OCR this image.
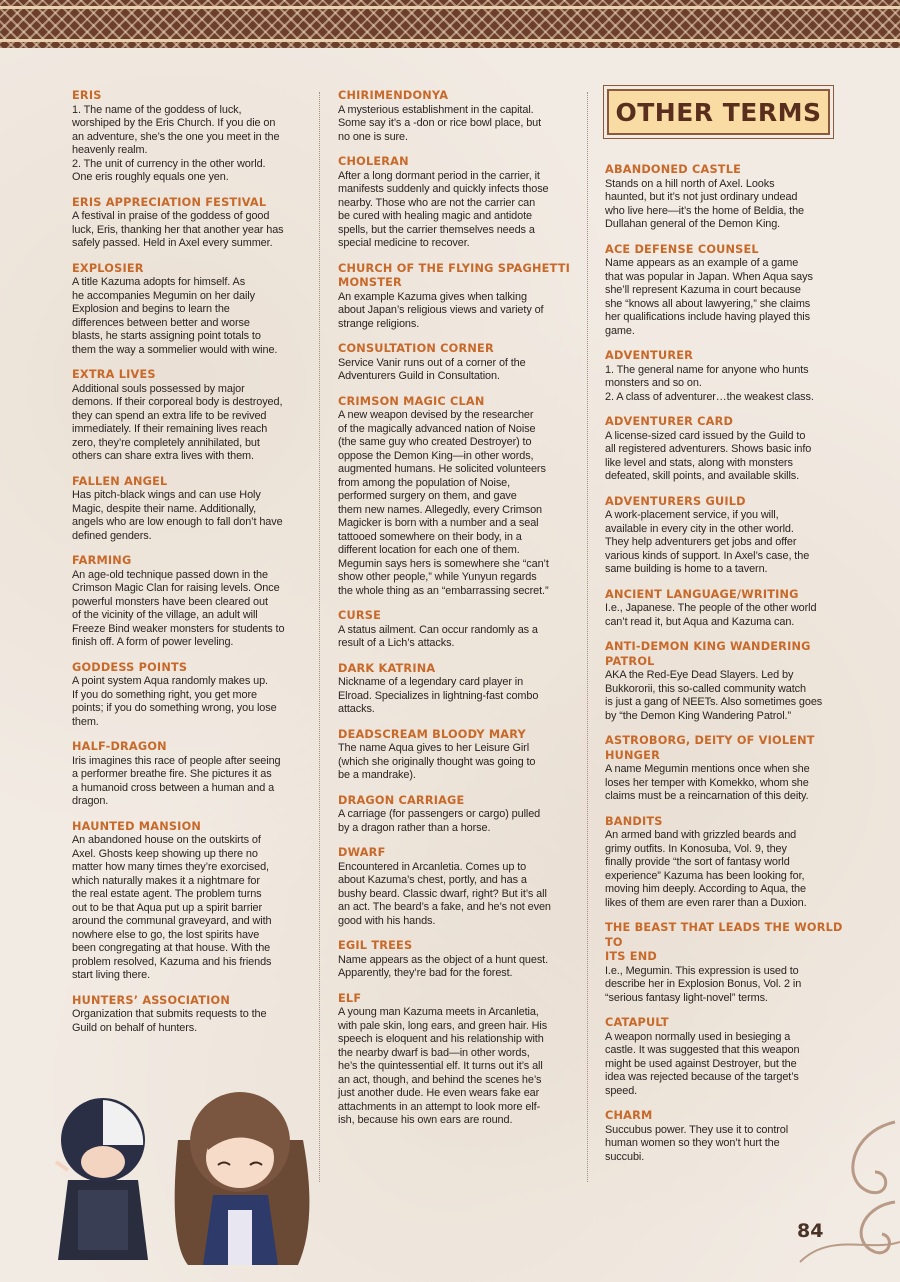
OTHER TERMS
ERIS

1. The name of the goddess of luck,
worshiped by the Eris Church. If you die on
an adventure, she’s the one you meet in the
heavenly realm.
2. The unit of currency in the other world.
One eris roughly equals one yen.

ERIS APPRECIATION FESTIVAL

A festival in praise of the goddess of good
luck, Eris, thanking her that another year has
safely passed. Held in Axel every summer.

EXPLOSIER

A title Kazuma adopts for himself. As
he accompanies Megumin on her daily
Explosion and begins to learn the
differences between better and worse
blasts, he starts assigning point totals to
them the way a sommelier would with wine.

EXTRA LIVES

Additional souls possessed by major
demons. If their corporeal body is destroyed,
they can spend an extra life to be revived
immediately. If their remaining lives reach
zero, they’re completely annihilated, but
others can share extra lives with them.

FALLEN ANGEL

Has pitch-black wings and can use Holy
Magic, despite their name. Additionally,
angels who are low enough to fall don’t have
defined genders.

FARMING

An age-old technique passed down in the
Crimson Magic Clan for raising levels. Once
powerful monsters have been cleared out
of the vicinity of the village, an adult will
Freeze Bind weaker monsters for students to
finish off. A form of power leveling.

GODDESS POINTS

A point system Aqua randomly makes up.
If you do something right, you get more
points; if you do something wrong, you lose
them.

HALF-DRAGON

Iris imagines this race of people after seeing
a performer breathe fire. She pictures it as
a humanoid cross between a human and a
dragon.

HAUNTED MANSION

An abandoned house on the outskirts of
Axel. Ghosts keep showing up there no
matter how many times they’re exorcised,
which naturally makes it a nightmare for
the real estate agent. The problem turns
out to be that Aqua put up a spirit barrier
around the communal graveyard, and with
nowhere else to go, the lost spirits have
been congregating at that house. With the
problem resolved, Kazuma and his friends
start living there.

HUNTERS’ ASSOCIATION

Organization that submits requests to the
Guild on behalf of hunters.

CHIRIMENDONYA

A mysterious establishment in the capital.
Some say it’s a -don or rice bowl place, but
no one is sure.

CHOLERAN

After a long dormant period in the carrier, it
manifests suddenly and quickly infects those
nearby. Those who are not the carrier can
be cured with healing magic and antidote
spells, but the carrier themselves needs a
special medicine to recover.

CHURCH OF THE FLYING SPAGHETTI
MONSTER

An example Kazuma gives when talking
about Japan’s religious views and variety of
strange religions.

CONSULTATION CORNER

Service Vanir runs out of a corner of the
Adventurers Guild in Consultation.

CRIMSON MAGIC CLAN

A new weapon devised by the researcher
of the magically advanced nation of Noise
(the same guy who created Destroyer) to
oppose the Demon King—in other words,
augmented humans. He solicited volunteers
from among the population of Noise,
performed surgery on them, and gave
them new names. Allegedly, every Crimson
Magicker is born with a number and a seal
tattooed somewhere on their body, in a
different location for each one of them.
Megumin says hers is somewhere she “can’t
show other people,” while Yunyun regards
the whole thing as an “embarrassing secret.”

CURSE

A status ailment. Can occur randomly as a
result of a Lich’s attacks.

DARK KATRINA

Nickname of a legendary card player in
Elroad. Specializes in lightning-fast combo
attacks.

DEADSCREAM BLOODY MARY

The name Aqua gives to her Leisure Girl
(which she originally thought was going to
be a mandrake).

DRAGON CARRIAGE

A carriage (for passengers or cargo) pulled
by a dragon rather than a horse.

DWARF

Encountered in Arcanletia. Comes up to
about Kazuma’s chest, portly, and has a
bushy beard. Classic dwarf, right? But it’s all
an act. The beard’s a fake, and he’s not even
good with his hands.

EGIL TREES

Name appears as the object of a hunt quest.
Apparently, they’re bad for the forest.

ELF

A young man Kazuma meets in Arcanletia,
with pale skin, long ears, and green hair. His
speech is eloquent and his relationship with
the nearby dwarf is bad—in other words,
he’s the quintessential elf. It turns out it’s all
an act, though, and behind the scenes he’s
just another dude. He even wears fake ear
attachments in an attempt to look more elf-
ish, because his own ears are round.

ABANDONED CASTLE

Stands on a hill north of Axel. Looks
haunted, but it’s not just ordinary undead
who live here—it’s the home of Beldia, the
Dullahan general of the Demon King.

ACE DEFENSE COUNSEL

Name appears as an example of a game
that was popular in Japan. When Aqua says
she’ll represent Kazuma in court because
she “knows all about lawyering,” she claims
her qualifications include having played this
game.

ADVENTURER

1. The general name for anyone who hunts
monsters and so on.
2. A class of adventurer…the weakest class.

ADVENTURER CARD

A license-sized card issued by the Guild to
all registered adventurers. Shows basic info
like level and stats, along with monsters
defeated, skill points, and available skills.

ADVENTURERS GUILD

A work-placement service, if you will,
available in every city in the other world.
They help adventurers get jobs and offer
various kinds of support. In Axel’s case, the
same building is home to a tavern.

ANCIENT LANGUAGE/WRITING

I.e., Japanese. The people of the other world
can’t read it, but Aqua and Kazuma can.

ANTI-DEMON KING WANDERING
PATROL

AKA the Red-Eye Dead Slayers. Led by
Bukkororii, this so-called community watch
is just a gang of NEETs. Also sometimes goes
by “the Demon King Wandering Patrol.”

ASTROBORG, DEITY OF VIOLENT
HUNGER

A name Megumin mentions once when she
loses her temper with Komekko, whom she
claims must be a reincarnation of this deity.

BANDITS

An armed band with grizzled beards and
grimy outfits. In Konosuba, Vol. 9, they
finally provide “the sort of fantasy world
experience” Kazuma has been looking for,
moving him deeply. According to Aqua, the
likes of them are even rarer than a Duxion.

THE BEAST THAT LEADS THE WORLD TO
ITS END

I.e., Megumin. This expression is used to
describe her in Explosion Bonus, Vol. 2 in
“serious fantasy light-novel” terms.

CATAPULT

A weapon normally used in besieging a
castle. It was suggested that this weapon
might be used against Destroyer, but the
idea was rejected because of the target’s
speed.

CHARM

Succubus power. They use it to control
human women so they won’t hurt the
succubi.

84
